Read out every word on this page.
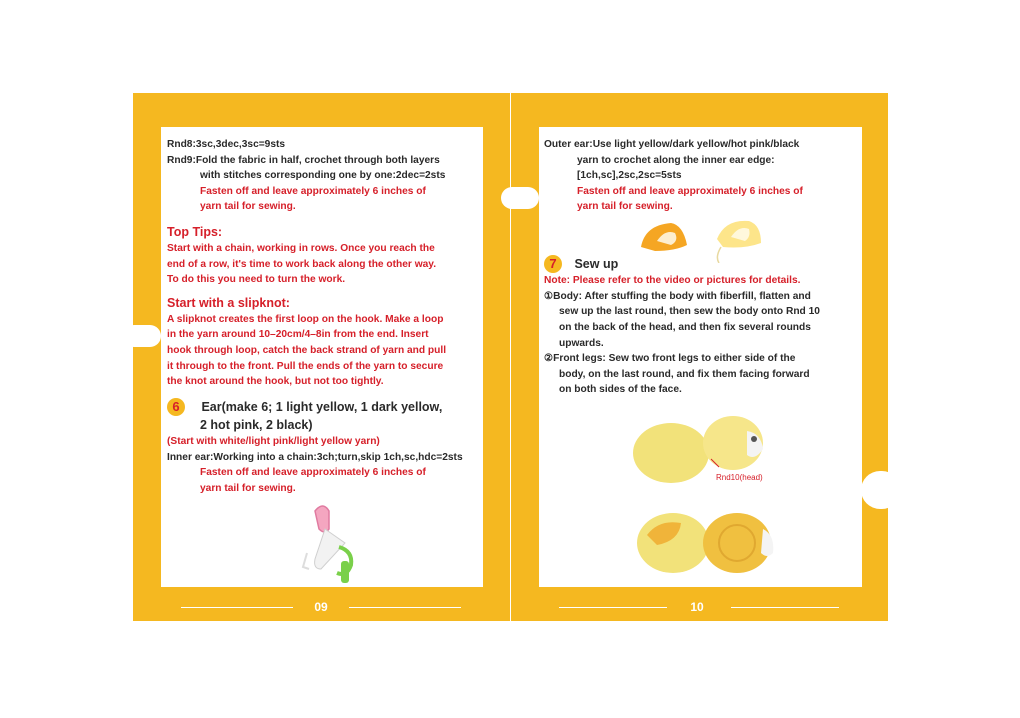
Rnd8:3sc,3dec,3sc=9sts
Rnd9:Fold the fabric in half, crochet through both layers
with stitches corresponding one by one:2dec=2sts
Fasten off and leave approximately 6 inches of
yarn tail for sewing.
Top Tips:
Start with a chain, working in rows. Once you reach the
end of a row, it's time to work back along the other way.
To do this you need to turn the work.
Start with a slipknot:
A slipknot creates the first loop on the hook. Make a loop
in the yarn around 10–20cm/4–8in from the end. Insert
hook through loop, catch the back strand of yarn and pull
it through to the front. Pull the ends of the yarn to secure
the knot around the hook, but not too tightly.
6 Ear(make 6; 1 light yellow, 1 dark yellow,
2 hot pink, 2 black)
(Start with white/light pink/light yellow yarn)
Inner ear:Working into a chain:3ch;turn,skip 1ch,sc,hdc=2sts
Fasten off and leave approximately 6 inches of
yarn tail for sewing.
09
Outer ear:Use light yellow/dark yellow/hot pink/black
yarn to crochet along the inner ear edge:
[1ch,sc],2sc,2sc=5sts
Fasten off and leave approximately 6 inches of
yarn tail for sewing.
7 Sew up
Note: Please refer to the video or pictures for details.
①Body: After stuffing the body with fiberfill, flatten and
sew up the last round, then sew the body onto Rnd 10
on the back of the head, and then fix several rounds
upwards.
②Front legs: Sew two front legs to either side of the
body, on the last round, and fix them facing forward
on both sides of the face.
Rnd10(head)
10
